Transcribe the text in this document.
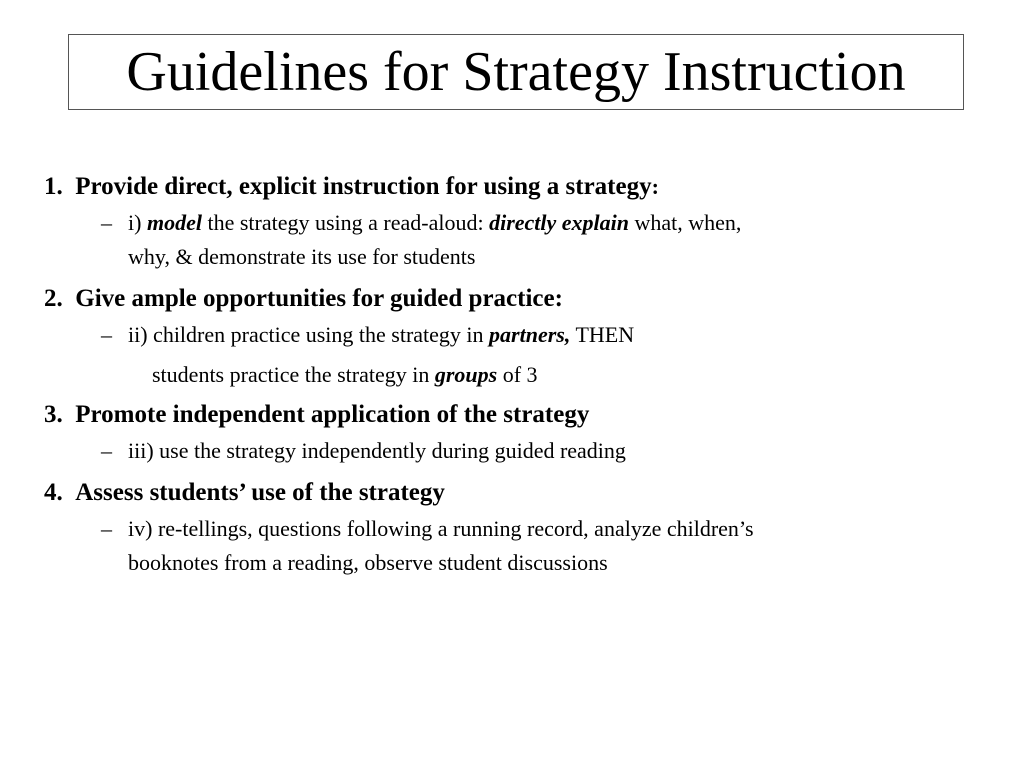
Guidelines for Strategy Instruction
1. Provide direct, explicit instruction for using a strategy:
– i) model the strategy using a read-aloud: directly explain what, when,
why, & demonstrate its use for students
2. Give ample opportunities for guided practice:
– ii) children practice using the strategy in partners, THEN
students practice the strategy in groups of 3
3. Promote independent application of the strategy
– iii) use the strategy independently during guided reading
4. Assess students’ use of the strategy
– iv) re-tellings, questions following a running record, analyze children’s
booknotes from a reading, observe student discussions
